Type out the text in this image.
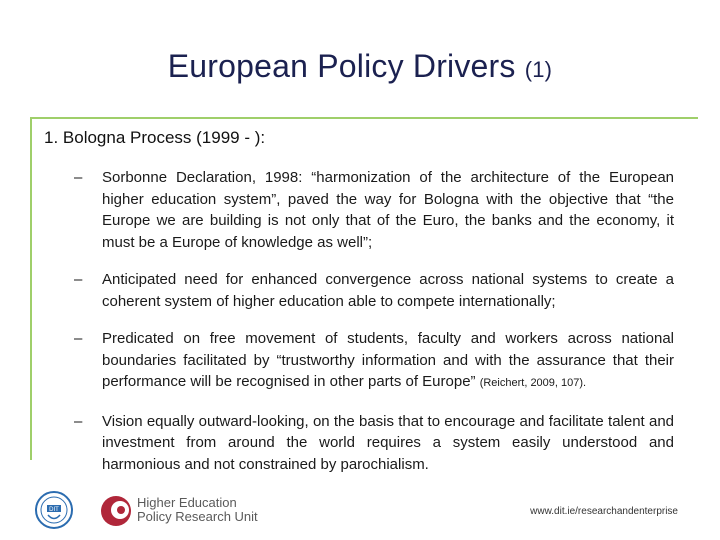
European Policy Drivers (1)
1. Bologna Process (1999 - ):
– Sorbonne Declaration, 1998: “harmonization of the architecture of the European higher education system”, paved the way for Bologna with the objective that “the Europe we are building is not only that of the Euro, the banks and the economy, it must be a Europe of knowledge as well”;
– Anticipated need for enhanced convergence across national systems to create a coherent system of higher education able to compete internationally;
– Predicated on free movement of students, faculty and workers across national boundaries facilitated by “trustworthy information and with the assurance that their performance will be recognised in other parts of Europe” (Reichert, 2009, 107).
– Vision equally outward-looking, on the basis that to encourage and facilitate talent and investment from around the world requires a system easily understood and harmonious and not constrained by parochialism.
DIT	Higher Education
Policy Research Unit	www.dit.ie/researchandenterprise
